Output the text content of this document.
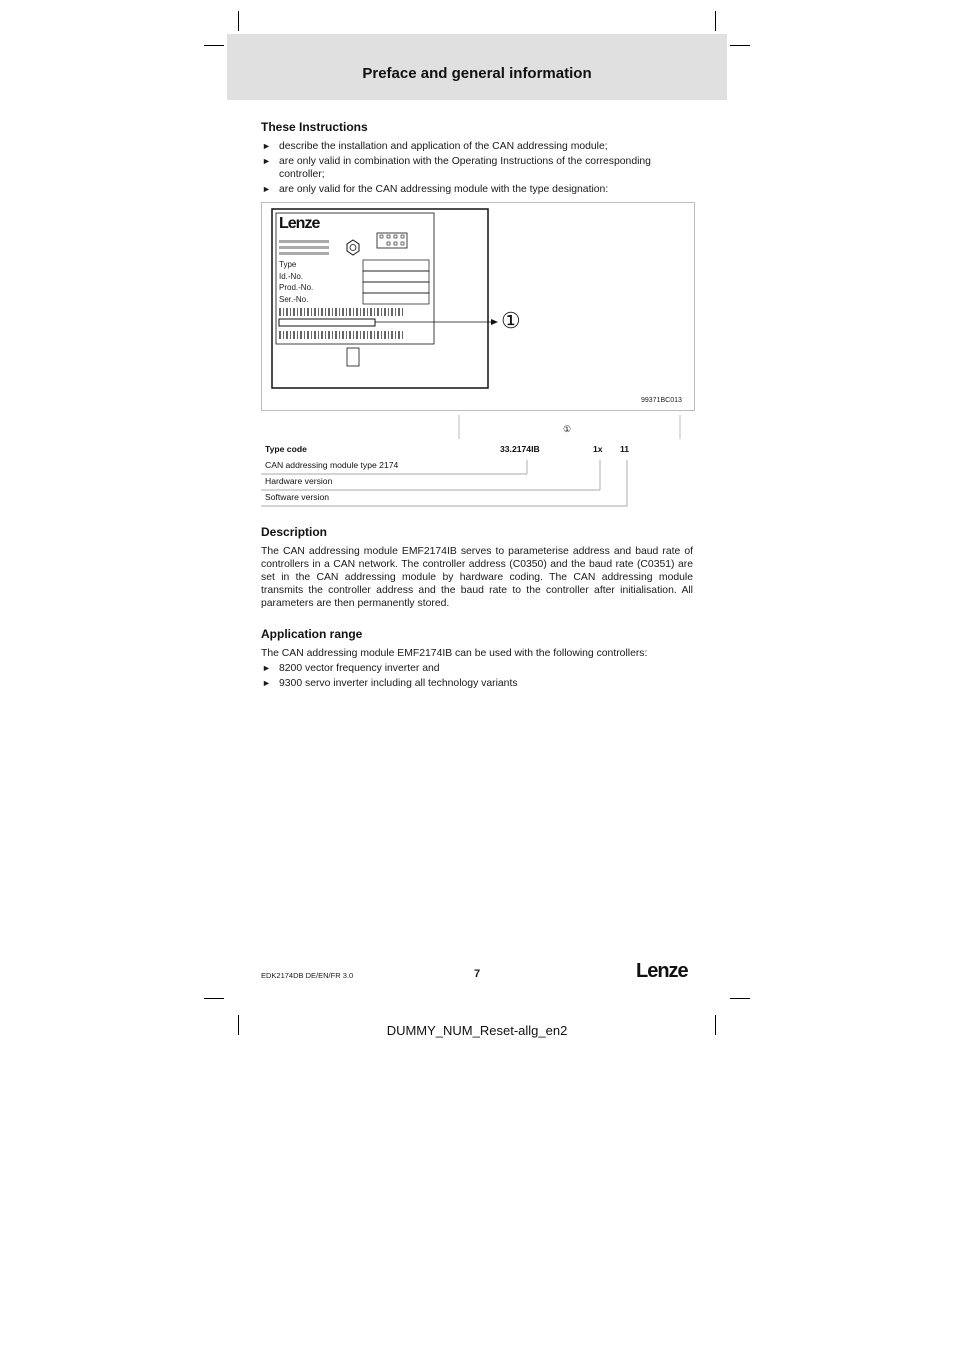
Preface and general information
These Instructions
► describe the installation and application of the CAN addressing module;
► are only valid in combination with the Operating Instructions of the corresponding controller;
► are only valid for the CAN addressing module with the type designation:
Lenze
Type
Id.-No.
Prod.-No.
Ser.-No.
①
99371BC013
①
Type code	33.2174IB	1x 11
CAN addressing module type 2174
Hardware version
Software version
Description
The CAN addressing module EMF2174IB serves to parameterise address and baud rate of controllers in a CAN network. The controller address (C0350) and the baud rate (C0351) are set in the CAN addressing module by hardware coding. The CAN addressing module transmits the controller address and the baud rate to the controller after initialisation. All parameters are then permanently stored.
Application range
The CAN addressing module EMF2174IB can be used with the following controllers:
► 8200 vector frequency inverter and
► 9300 servo inverter including all technology variants
EDK2174DB DE/EN/FR 3.0	7	Lenze
DUMMY_NUM_Reset-allg_en2
